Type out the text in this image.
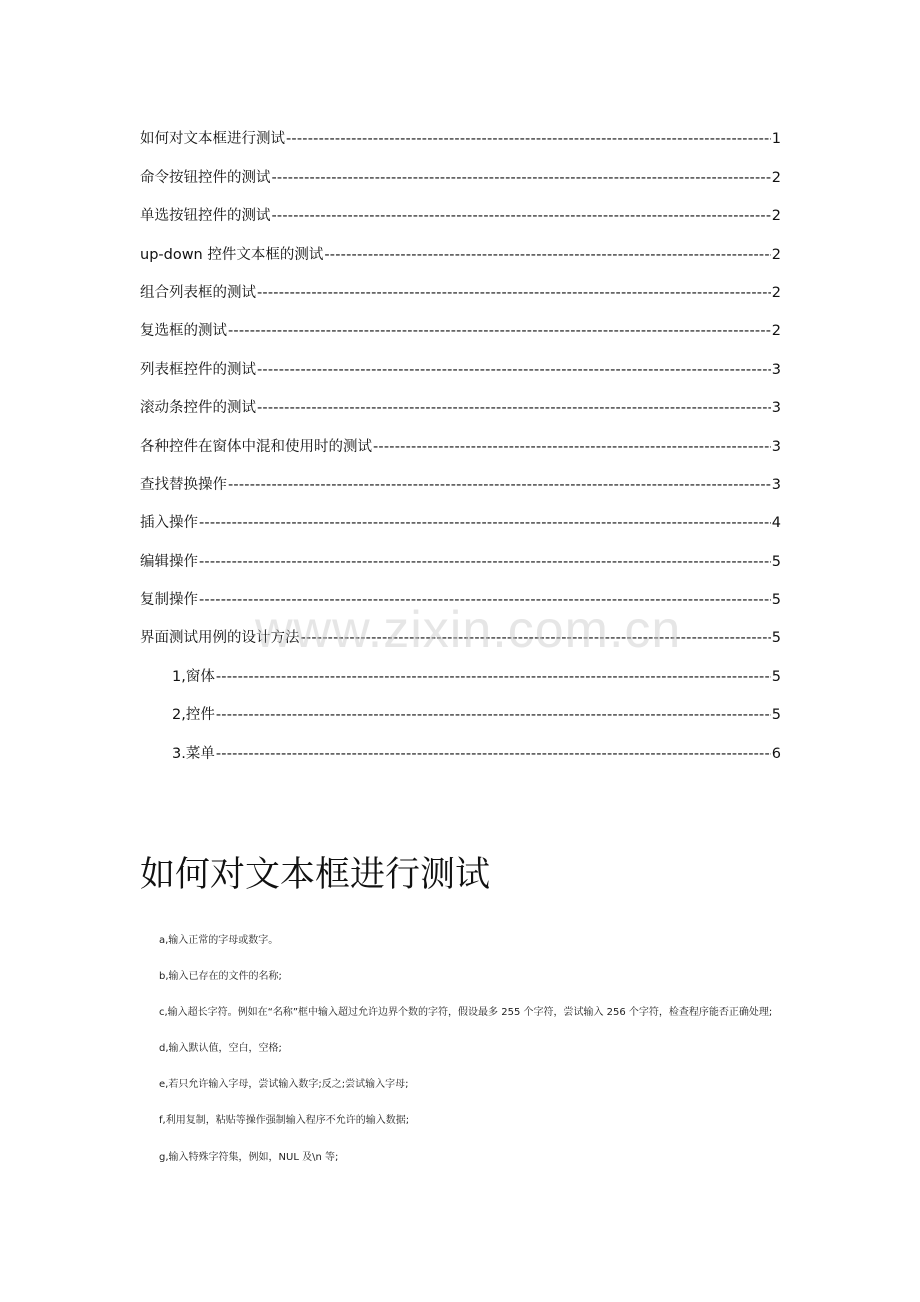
如何对文本框进行测试 -----	1
命令按钮控件的测试 -----	2
单选按钮控件的测试 -----	2
up-down 控件文本框的测试 -----	2
组合列表框的测试 -----	2
复选框的测试 -----	2
列表框控件的测试 -----	3
滚动条控件的测试 -----	3
各种控件在窗体中混和使用时的测试 -----	3
查找替换操作 -----	3
插入操作 -----	4
编辑操作 -----	5
复制操作 -----	5
界面测试用例的设计方法 -----	5
1,窗体 -----	5
2,控件 -----	5
3.菜单 -----	6
www.zixin.com.cn
如何对文本框进行测试
a,输入正常的字母或数字。
b,输入已存在的文件的名称;
c,输入超长字符。例如在“名称”框中输入超过允许边界个数的字符，假设最多 255 个字符，尝试输入 256 个字符，检查程序能否正确处理;
d,输入默认值，空白，空格;
e,若只允许输入字母，尝试输入数字;反之;尝试输入字母;
f,利用复制，粘贴等操作强制输入程序不允许的输入数据;
g,输入特殊字符集，例如，NUL 及\n 等;
